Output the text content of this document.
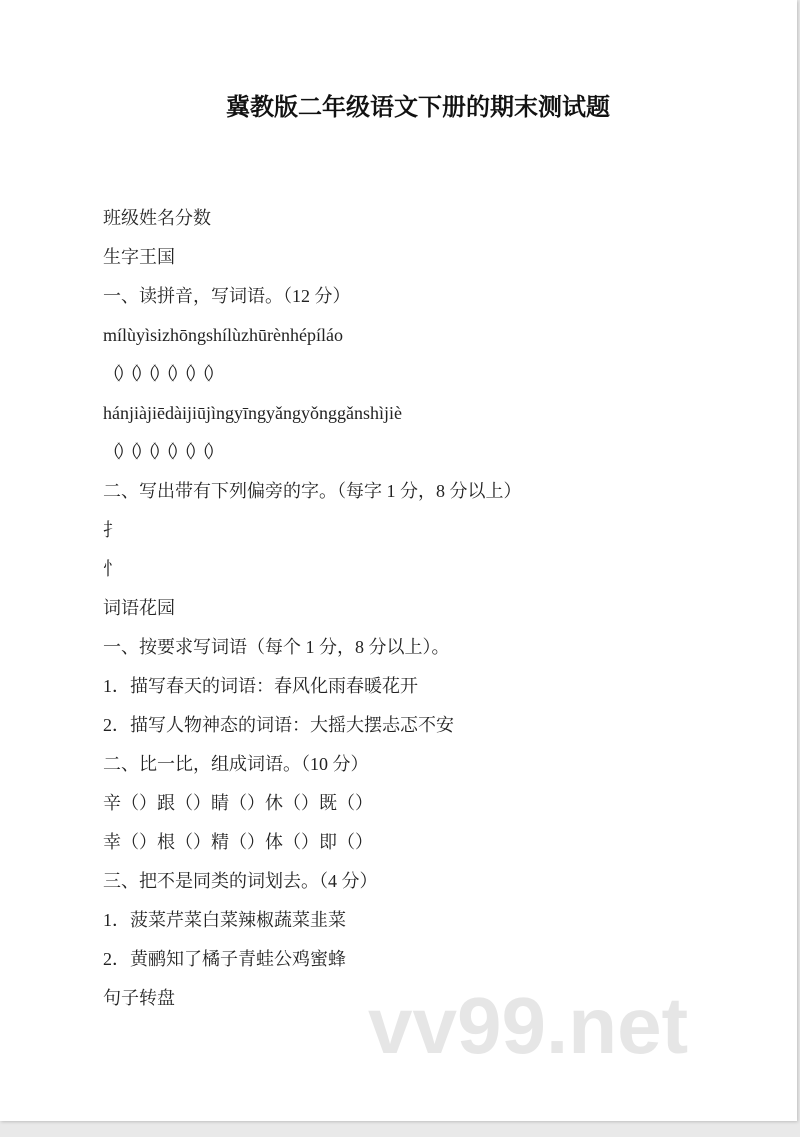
冀教版二年级语文下册的期末测试题
班级姓名分数
生字王国
一、读拼音，写词语。（12 分）
mílùyìsizhōngshílùzhūrènhépíláo
（）（）（）（）（）（）
hánjiàjiēdàijiūjìngyīngyǎngyǒnggǎnshìjiè
（）（）（）（）（）（）
二、写出带有下列偏旁的字。（每字 1 分，8 分以上）
扌
忄
词语花园
一、按要求写词语（每个 1 分，8 分以上）。
1．描写春天的词语：春风化雨春暖花开
2．描写人物神态的词语：大摇大摆忐忑不安
二、比一比，组成词语。（10 分）
辛（）跟（）睛（）休（）既（）
幸（）根（）精（）体（）即（）
三、把不是同类的词划去。（4 分）
1．菠菜芹菜白菜辣椒蔬菜韭菜
2．黄鹂知了橘子青蛙公鸡蜜蜂
句子转盘	vv99.net
